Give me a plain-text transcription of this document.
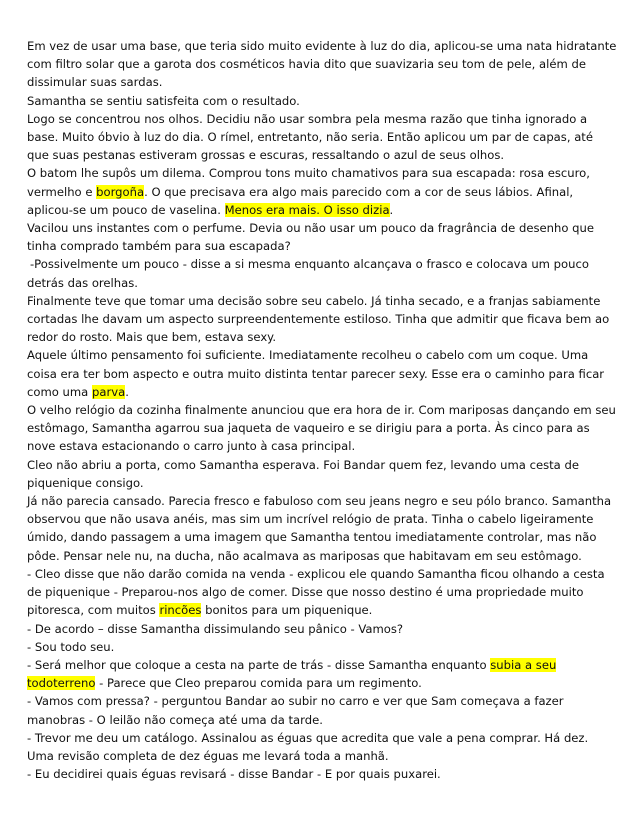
Em vez de usar uma base, que teria sido muito evidente à luz do dia, aplicou-se uma nata hidratante com filtro solar que a garota dos cosméticos havia dito que suavizaria seu tom de pele, além de dissimular suas sardas.

Samantha se sentiu satisfeita com o resultado.

Logo se concentrou nos olhos. Decidiu não usar sombra pela mesma razão que tinha ignorado a base. Muito óbvio à luz do dia. O rímel, entretanto, não seria. Então aplicou um par de capas, até que suas pestanas estiveram grossas e escuras, ressaltando o azul de seus olhos.

O batom lhe supôs um dilema. Comprou tons muito chamativos para sua escapada: rosa escuro, vermelho e borgoña. O que precisava era algo mais parecido com a cor de seus lábios. Afinal, aplicou-se um pouco de vaselina. Menos era mais. O isso dizia.

Vacilou uns instantes com o perfume. Devia ou não usar um pouco da fragrância de desenho que tinha comprado também para sua escapada?

-Possivelmente um pouco - disse a si mesma enquanto alcançava o frasco e colocava um pouco detrás das orelhas.

Finalmente teve que tomar uma decisão sobre seu cabelo. Já tinha secado, e a franjas sabiamente cortadas lhe davam um aspecto surpreendentemente estiloso. Tinha que admitir que ficava bem ao redor do rosto. Mais que bem, estava sexy.

Aquele último pensamento foi suficiente. Imediatamente recolheu o cabelo com um coque. Uma coisa era ter bom aspecto e outra muito distinta tentar parecer sexy. Esse era o caminho para ficar como uma parva.

O velho relógio da cozinha finalmente anunciou que era hora de ir. Com mariposas dançando em seu estômago, Samantha agarrou sua jaqueta de vaqueiro e se dirigiu para a porta. Às cinco para as nove estava estacionando o carro junto à casa principal.

Cleo não abriu a porta, como Samantha esperava. Foi Bandar quem fez, levando uma cesta de piquenique consigo.

Já não parecia cansado. Parecia fresco e fabuloso com seu jeans negro e seu pólo branco. Samantha observou que não usava anéis, mas sim um incrível relógio de prata. Tinha o cabelo ligeiramente úmido, dando passagem a uma imagem que Samantha tentou imediatamente controlar, mas não pôde. Pensar nele nu, na ducha, não acalmava as mariposas que habitavam em seu estômago.

- Cleo disse que não darão comida na venda - explicou ele quando Samantha ficou olhando a cesta de piquenique - Preparou-nos algo de comer. Disse que nosso destino é uma propriedade muito pitoresca, com muitos rincões bonitos para um piquenique.

- De acordo – disse Samantha dissimulando seu pânico - Vamos?

- Sou todo seu.

- Será melhor que coloque a cesta na parte de trás - disse Samantha enquanto subia a seu todoterreno - Parece que Cleo preparou comida para um regimento.

- Vamos com pressa? - perguntou Bandar ao subir no carro e ver que Sam começava a fazer manobras - O leilão não começa até uma da tarde.

- Trevor me deu um catálogo. Assinalou as éguas que acredita que vale a pena comprar. Há dez. Uma revisão completa de dez éguas me levará toda a manhã.

- Eu decidirei quais éguas revisará - disse Bandar - E por quais puxarei.
